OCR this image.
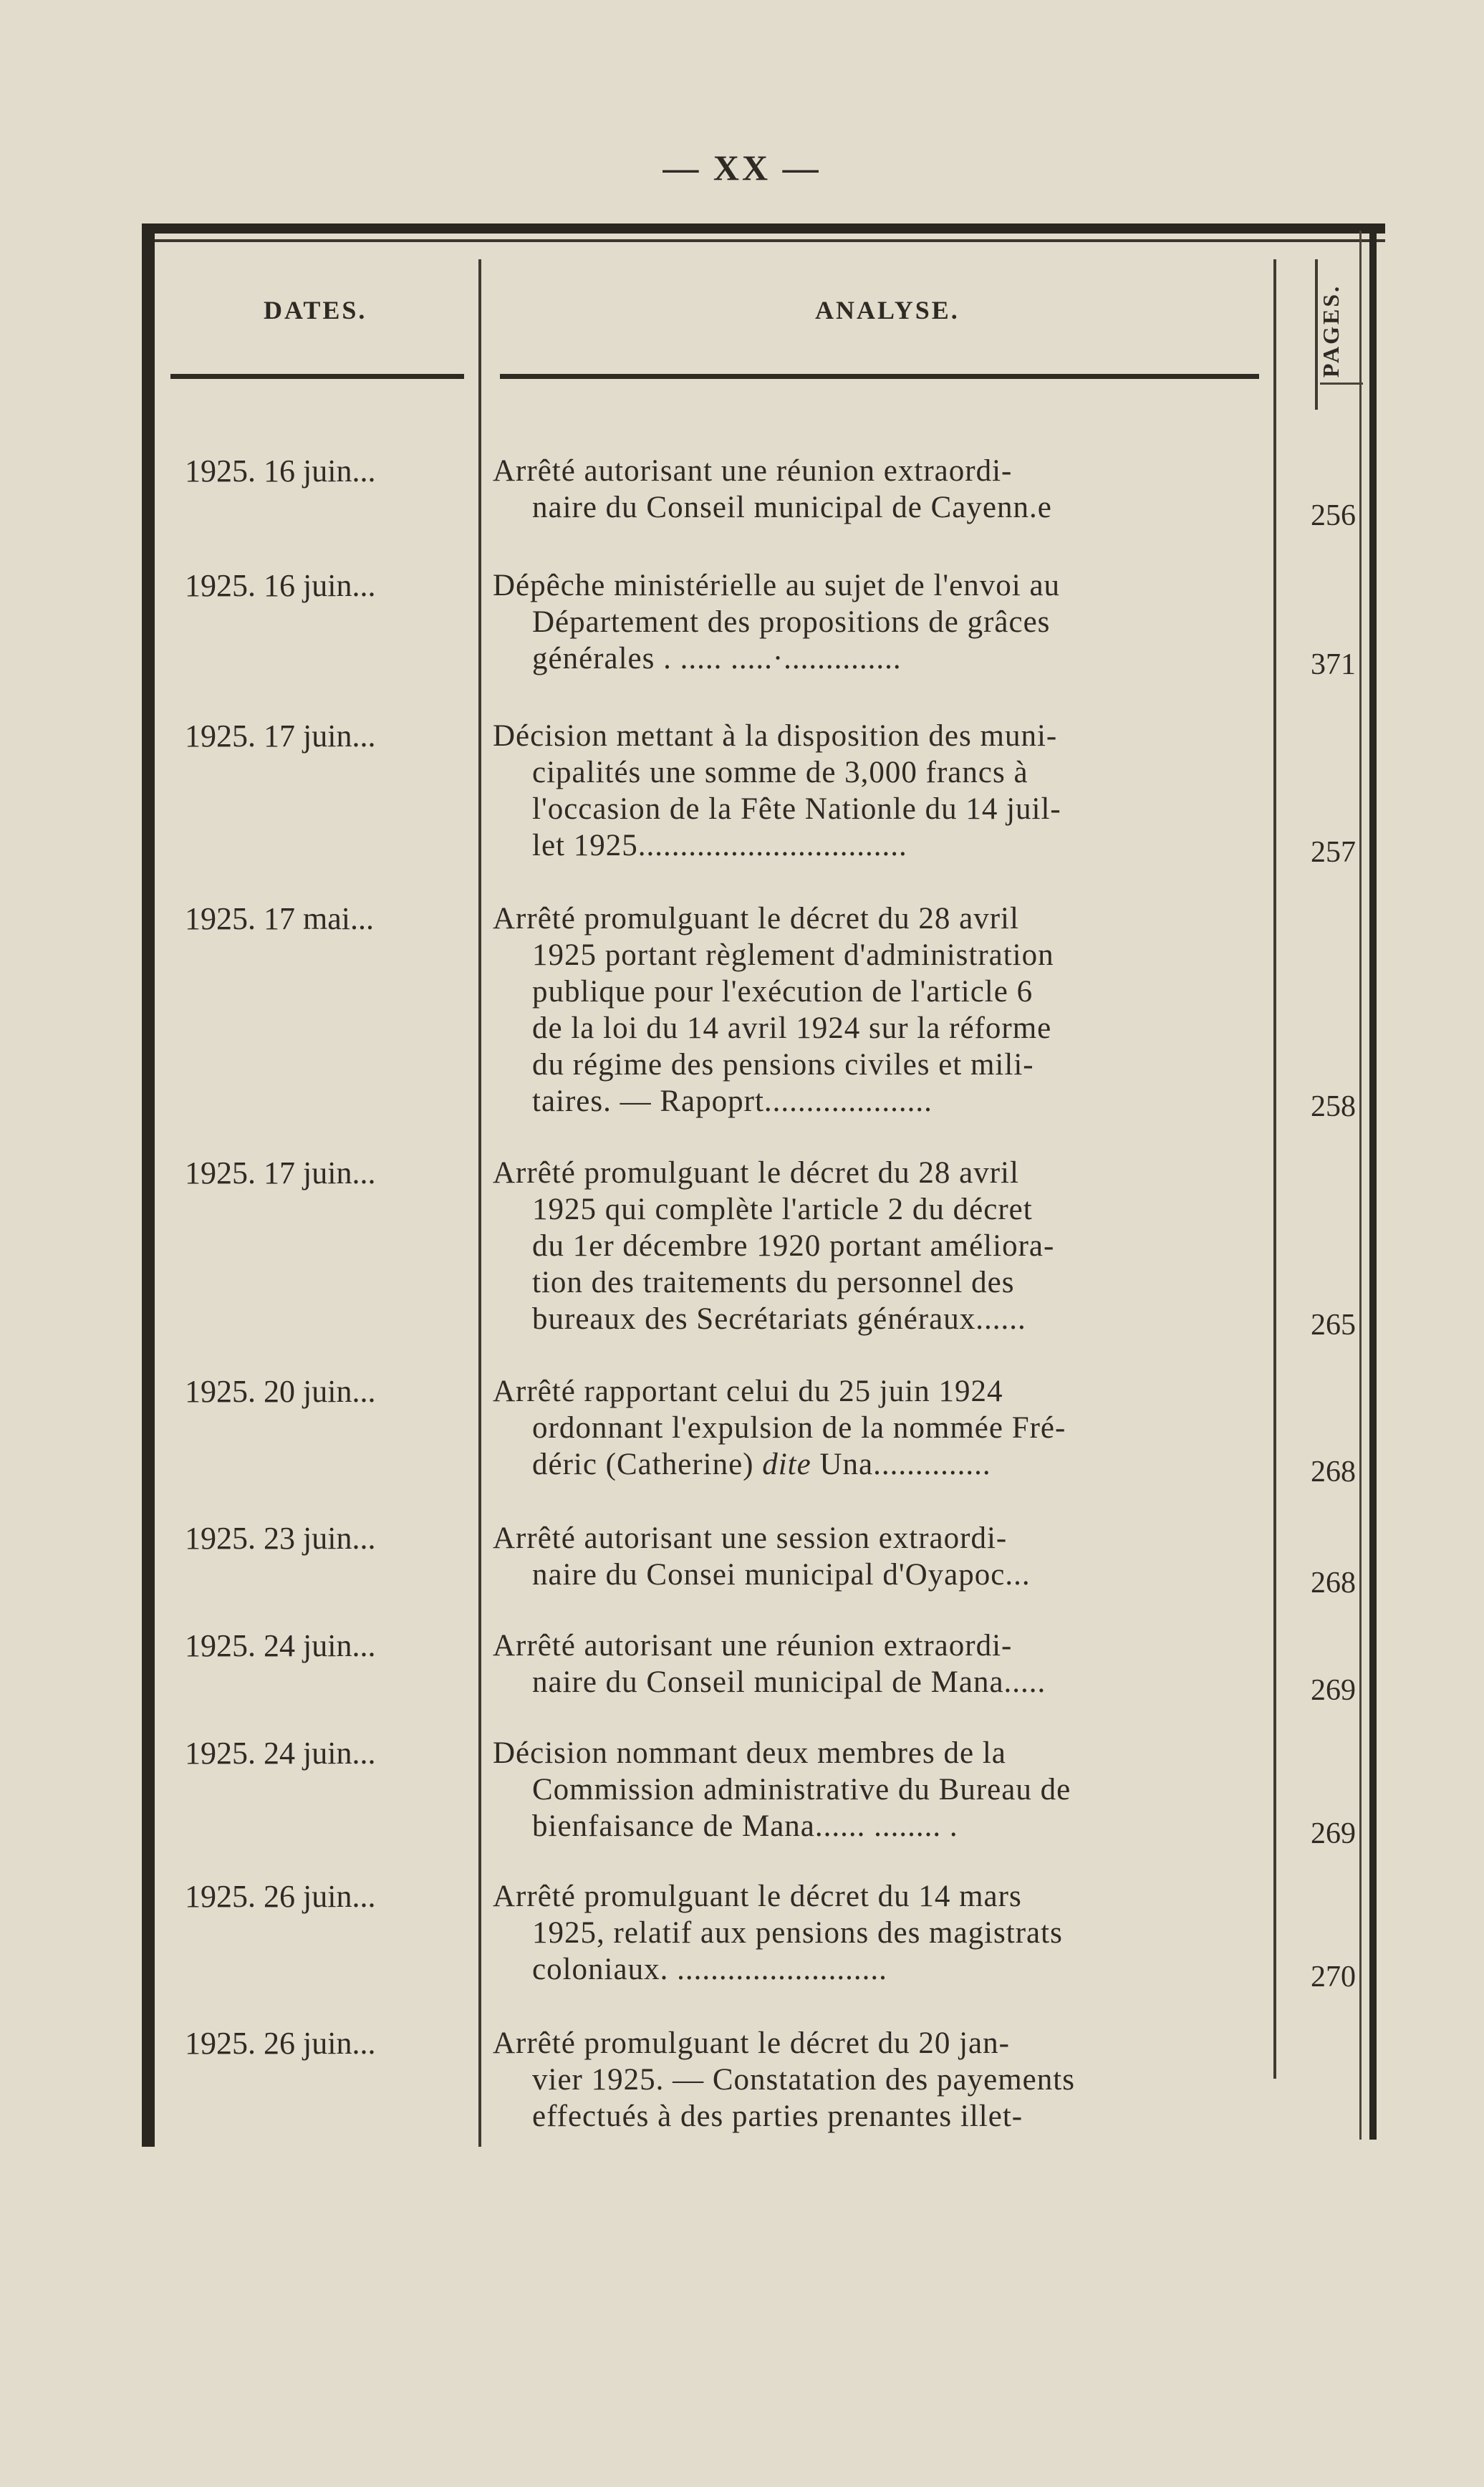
— XX —
DATES.	ANALYSE.	PAGES.
1925. 16 juin...	Arrêté autorisant une réunion extraordi-
naire du Conseil municipal de Cayenn.e	256
1925. 16 juin...	Dépêche ministérielle au sujet de l'envoi au
Département des propositions de grâces
générales . ..... .....·..............	371
1925. 17 juin...	Décision mettant à la disposition des muni-
cipalités une somme de 3,000 francs à
l'occasion de la Fête Nationle du 14 juil-
let 1925................................	257
1925. 17 mai...	Arrêté promulguant le décret du 28 avril
1925 portant règlement d'administration
publique pour l'exécution de l'article 6
de la loi du 14 avril 1924 sur la réforme
du régime des pensions civiles et mili-
taires. — Rapoprt....................	258
1925. 17 juin...	Arrêté promulguant le décret du 28 avril
1925 qui complète l'article 2 du décret
du 1er décembre 1920 portant améliora-
tion des traitements du personnel des
bureaux des Secrétariats généraux......	265
1925. 20 juin...	Arrêté rapportant celui du 25 juin 1924
ordonnant l'expulsion de la nommée Fré-
déric (Catherine) dite Una..............	268
1925. 23 juin...	Arrêté autorisant une session extraordi-
naire du Consei municipal d'Oyapoc...	268
1925. 24 juin...	Arrêté autorisant une réunion extraordi-
naire du Conseil municipal de Mana.....	269
1925. 24 juin...	Décision nommant deux membres de la
Commission administrative du Bureau de
bienfaisance de Mana...... ........ .	269
1925. 26 juin...	Arrêté promulguant le décret du 14 mars
1925, relatif aux pensions des magistrats
coloniaux. .........................	270
1925. 26 juin...	Arrêté promulguant le décret du 20 jan-
vier 1925. — Constatation des payements
effectués à des parties prenantes illet-
